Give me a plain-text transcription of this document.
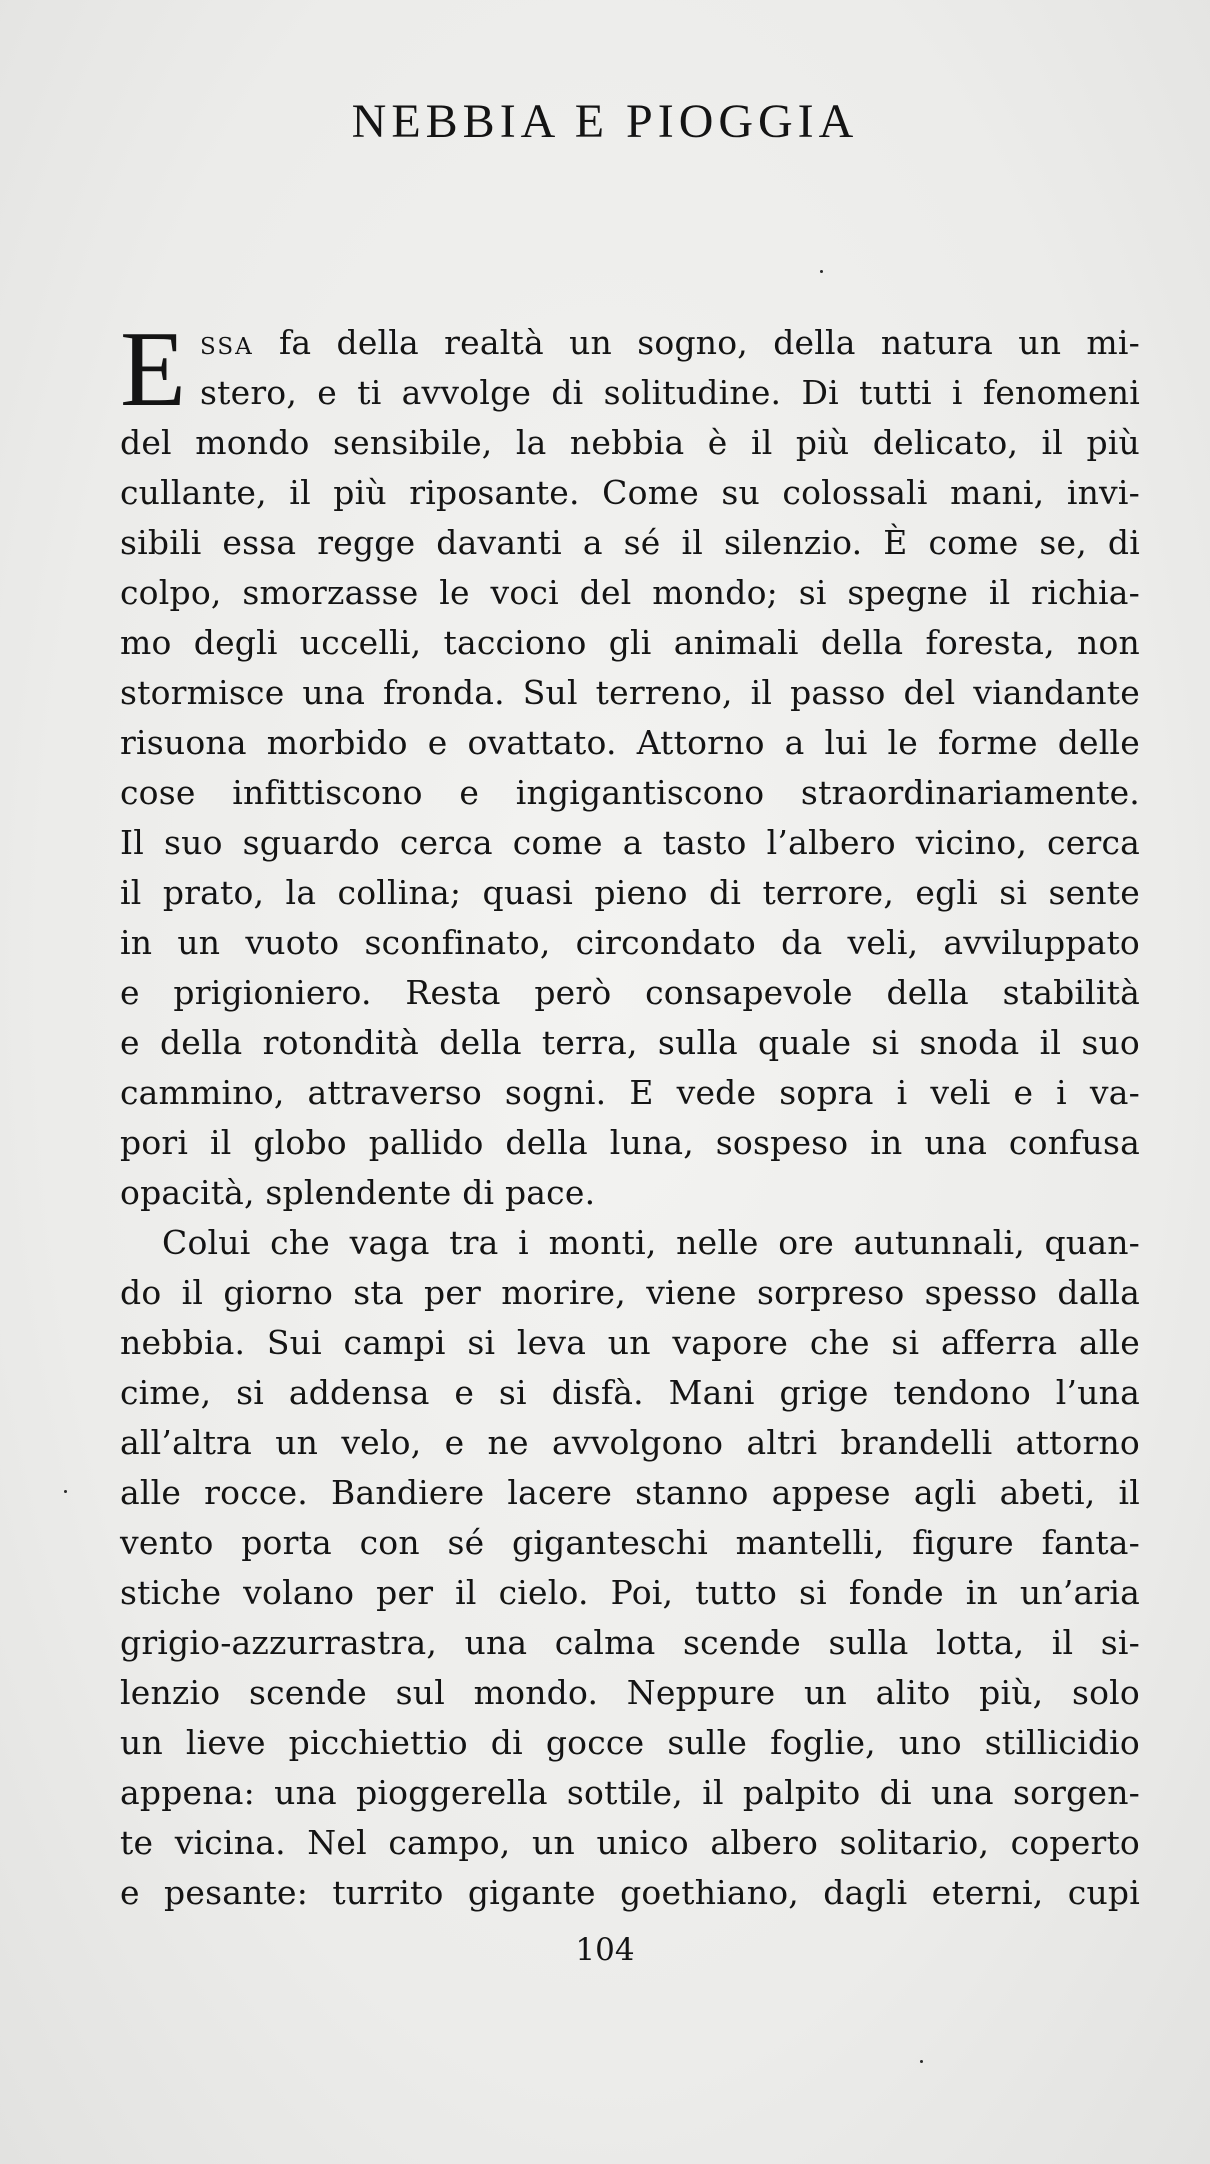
NEBBIA E PIOGGIA
E ssa fa della realtà un sogno, della natura un mi-
stero, e ti avvolge di solitudine. Di tutti i fenomeni
del mondo sensibile, la nebbia è il più delicato, il più
cullante, il più riposante. Come su colossali mani, invi-
sibili essa regge davanti a sé il silenzio. È come se, di
colpo, smorzasse le voci del mondo; si spegne il richia-
mo degli uccelli, tacciono gli animali della foresta, non
stormisce una fronda. Sul terreno, il passo del viandante
risuona morbido e ovattato. Attorno a lui le forme delle
cose infittiscono e ingigantiscono straordinariamente.
Il suo sguardo cerca come a tasto l’albero vicino, cerca
il prato, la collina; quasi pieno di terrore, egli si sente
in un vuoto sconfinato, circondato da veli, avviluppato
e prigioniero. Resta però consapevole della stabilità
e della rotondità della terra, sulla quale si snoda il suo
cammino, attraverso sogni. E vede sopra i veli e i va-
pori il globo pallido della luna, sospeso in una confusa
opacità, splendente di pace.
Colui che vaga tra i monti, nelle ore autunnali, quan-
do il giorno sta per morire, viene sorpreso spesso dalla
nebbia. Sui campi si leva un vapore che si afferra alle
cime, si addensa e si disfà. Mani grige tendono l’una
all’altra un velo, e ne avvolgono altri brandelli attorno
alle rocce. Bandiere lacere stanno appese agli abeti, il
vento porta con sé giganteschi mantelli, figure fanta-
stiche volano per il cielo. Poi, tutto si fonde in un’aria
grigio-azzurrastra, una calma scende sulla lotta, il si-
lenzio scende sul mondo. Neppure un alito più, solo
un lieve picchiettio di gocce sulle foglie, uno stillicidio
appena: una pioggerella sottile, il palpito di una sorgen-
te vicina. Nel campo, un unico albero solitario, coperto
e pesante: turrito gigante goethiano, dagli eterni, cupi
104
